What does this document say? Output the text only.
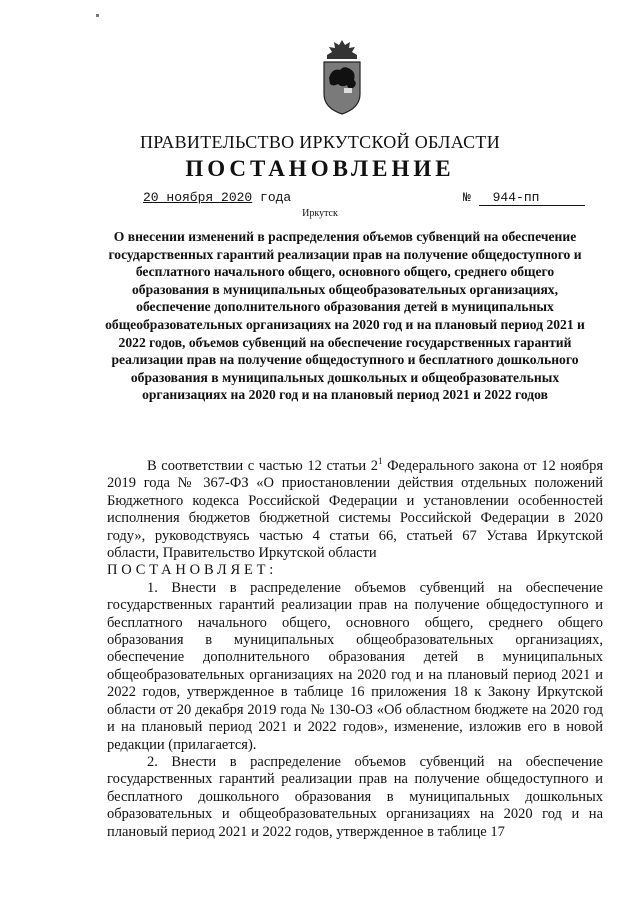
ПРАВИТЕЛЬСТВО ИРКУТСКОЙ ОБЛАСТИ
ПОСТАНОВЛЕНИЕ
20 ноября 2020 года	№ 944-пп
Иркутск
О внесении изменений в распределения объемов субвенций на обеспечение государственных гарантий реализации прав на получение общедоступного и бесплатного начального общего, основного общего, среднего общего образования в муниципальных общеобразовательных организациях, обеспечение дополнительного образования детей в муниципальных общеобразовательных организациях на 2020 год и на плановый период 2021 и 2022 годов, объемов субвенций на обеспечение государственных гарантий реализации прав на получение общедоступного и бесплатного дошкольного образования в муниципальных дошкольных и общеобразовательных организациях на 2020 год и на плановый период 2021 и 2022 годов

В соответствии с частью 12 статьи $2^1$ Федерального закона от 12 ноября 2019 года № 367-ФЗ «О приостановлении действия отдельных положений Бюджетного кодекса Российской Федерации и установлении особенностей исполнения бюджетов бюджетной системы Российской Федерации в 2020 году», руководствуясь частью 4 статьи 66, статьей 67 Устава Иркутской области, Правительство Иркутской области

ПОСТАНОВЛЯЕТ:

1. Внести в распределение объемов субвенций на обеспечение государственных гарантий реализации прав на получение общедоступного и бесплатного начального общего, основного общего, среднего общего образования в муниципальных общеобразовательных организациях, обеспечение дополнительного образования детей в муниципальных общеобразовательных организациях на 2020 год и на плановый период 2021 и 2022 годов, утвержденное в таблице 16 приложения 18 к Закону Иркутской области от 20 декабря 2019 года № 130-ОЗ «Об областном бюджете на 2020 год и на плановый период 2021 и 2022 годов», изменение, изложив его в новой редакции (прилагается).

2. Внести в распределение объемов субвенций на обеспечение государственных гарантий реализации прав на получение общедоступного и бесплатного дошкольного образования в муниципальных дошкольных образовательных и общеобразовательных организациях на 2020 год и на плановый период 2021 и 2022 годов, утвержденное в таблице 17
